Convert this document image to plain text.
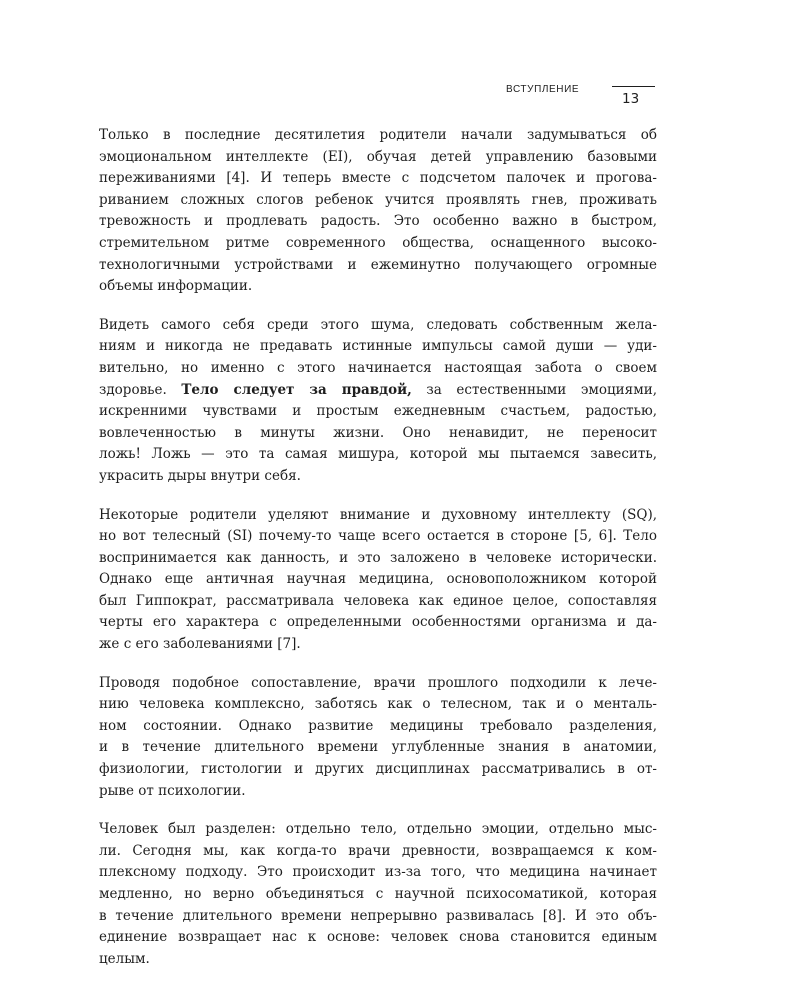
ВСТУПЛЕНИЕ
13

Только в последние десятилетия родители начали задумываться об
эмоциональном интеллекте (EI), обучая детей управлению базовыми
переживаниями [4]. И теперь вместе с подсчетом палочек и прогова-
риванием сложных слогов ребенок учится проявлять гнев, проживать
тревожность и продлевать радость. Это особенно важно в быстром,
стремительном ритме современного общества, оснащенного высоко-
технологичными устройствами и ежеминутно получающего огромные
объемы информации.

Видеть самого себя среди этого шума, следовать собственным жела-
ниям и никогда не предавать истинные импульсы самой души — уди-
вительно, но именно с этого начинается настоящая забота о своем
здоровье. Тело следует за правдой, за естественными эмоциями,
искренними чувствами и простым ежедневным счастьем, радостью,
вовлеченностью в минуты жизни. Оно ненавидит, не переносит
ложь! Ложь — это та самая мишура, которой мы пытаемся завесить,
украсить дыры внутри себя.

Некоторые родители уделяют внимание и духовному интеллекту (SQ),
но вот телесный (SI) почему-то чаще всего остается в стороне [5, 6]. Тело
воспринимается как данность, и это заложено в человеке исторически.
Однако еще античная научная медицина, основоположником которой
был Гиппократ, рассматривала человека как единое целое, сопоставляя
черты его характера с определенными особенностями организма и да-
же с его заболеваниями [7].

Проводя подобное сопоставление, врачи прошлого подходили к лече-
нию человека комплексно, заботясь как о телесном, так и о менталь-
ном состоянии. Однако развитие медицины требовало разделения,
и в течение длительного времени углубленные знания в анатомии,
физиологии, гистологии и других дисциплинах рассматривались в от-
рыве от психологии.

Человек был разделен: отдельно тело, отдельно эмоции, отдельно мыс-
ли. Сегодня мы, как когда-то врачи древности, возвращаемся к ком-
плексному подходу. Это происходит из-за того, что медицина начинает
медленно, но верно объединяться с научной психосоматикой, которая
в течение длительного времени непрерывно развивалась [8]. И это объ-
единение возвращает нас к основе: человек снова становится единым
целым.
